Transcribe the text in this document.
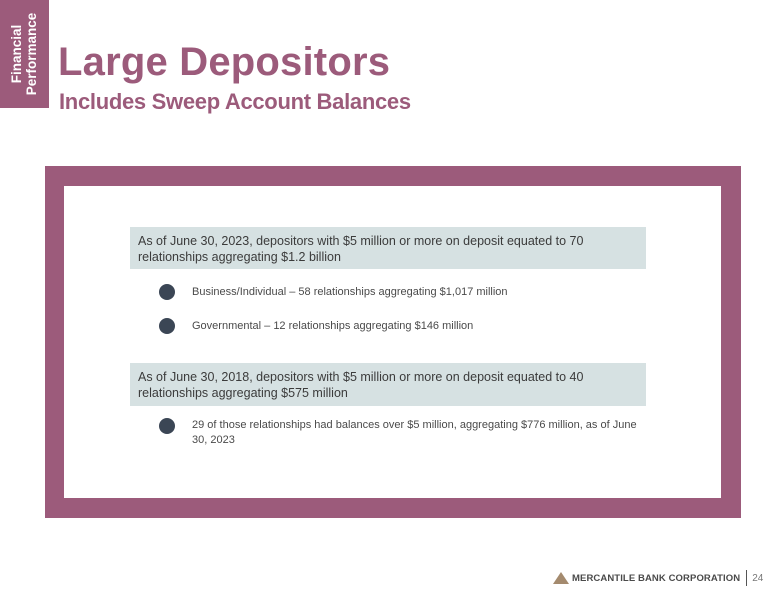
Financial Performance Large Depositors
Includes Sweep Account Balances
As of June 30, 2023, depositors with $5 million or more on deposit equated to 70 relationships aggregating $1.2 billion
Business/Individual – 58 relationships aggregating $1,017 million
Governmental – 12 relationships aggregating $146 million
As of June 30, 2018, depositors with $5 million or more on deposit equated to 40 relationships aggregating $575 million
29 of those relationships had balances over $5 million, aggregating $776 million, as of June 30, 2023
MERCANTILE BANK CORPORATION 24
